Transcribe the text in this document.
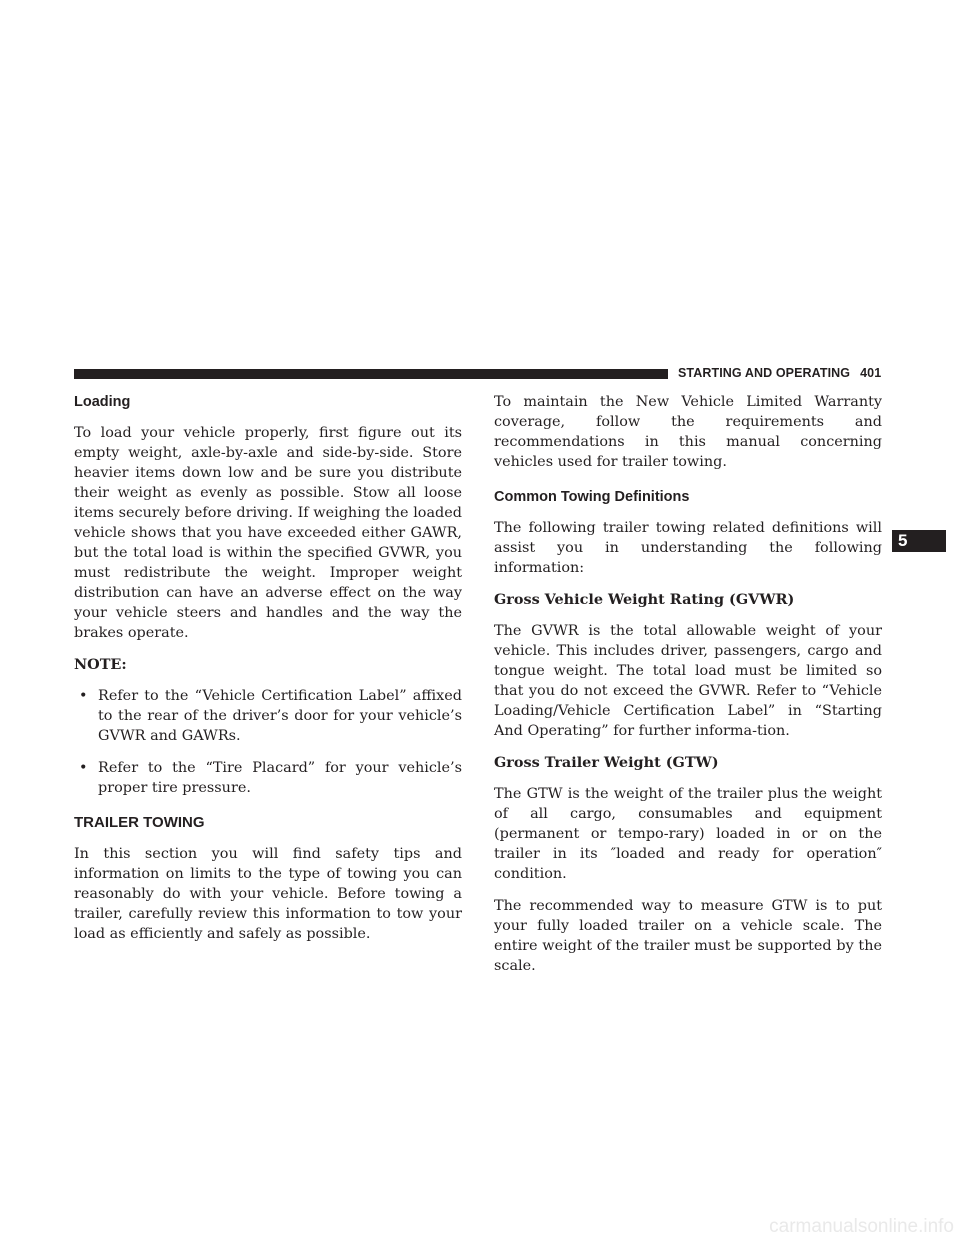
STARTING AND OPERATING 401
5
Loading

To load your vehicle properly, first figure out its empty weight, axle-by-axle and side-by-side. Store heavier items down low and be sure you distribute their weight as evenly as possible. Stow all loose items securely before driving. If weighing the loaded vehicle shows that you have exceeded either GAWR, but the total load is within the specified GVWR, you must redistribute the weight. Improper weight distribution can have an adverse effect on the way your vehicle steers and handles and the way the brakes operate.

NOTE:
• Refer to the “Vehicle Certification Label” affixed to the rear of the driver’s door for your vehicle’s GVWR and GAWRs.
• Refer to the “Tire Placard” for your vehicle’s proper tire pressure.
TRAILER TOWING

In this section you will find safety tips and information on limits to the type of towing you can reasonably do with your vehicle. Before towing a trailer, carefully review this information to tow your load as efficiently and safely as possible.

To maintain the New Vehicle Limited Warranty coverage, follow the requirements and recommendations in this manual concerning vehicles used for trailer towing.

Common Towing Definitions

The following trailer towing related definitions will assist you in understanding the following information:

Gross Vehicle Weight Rating (GVWR)

The GVWR is the total allowable weight of your vehicle. This includes driver, passengers, cargo and tongue weight. The total load must be limited so that you do not exceed the GVWR. Refer to “Vehicle Loading/Vehicle Certification Label” in “Starting And Operating” for further informa-tion.

Gross Trailer Weight (GTW)

The GTW is the weight of the trailer plus the weight of all cargo, consumables and equipment (permanent or tempo-rary) loaded in or on the trailer in its ″loaded and ready for operation″ condition.

The recommended way to measure GTW is to put your fully loaded trailer on a vehicle scale. The entire weight of the trailer must be supported by the scale.

carmanualsonline.info
